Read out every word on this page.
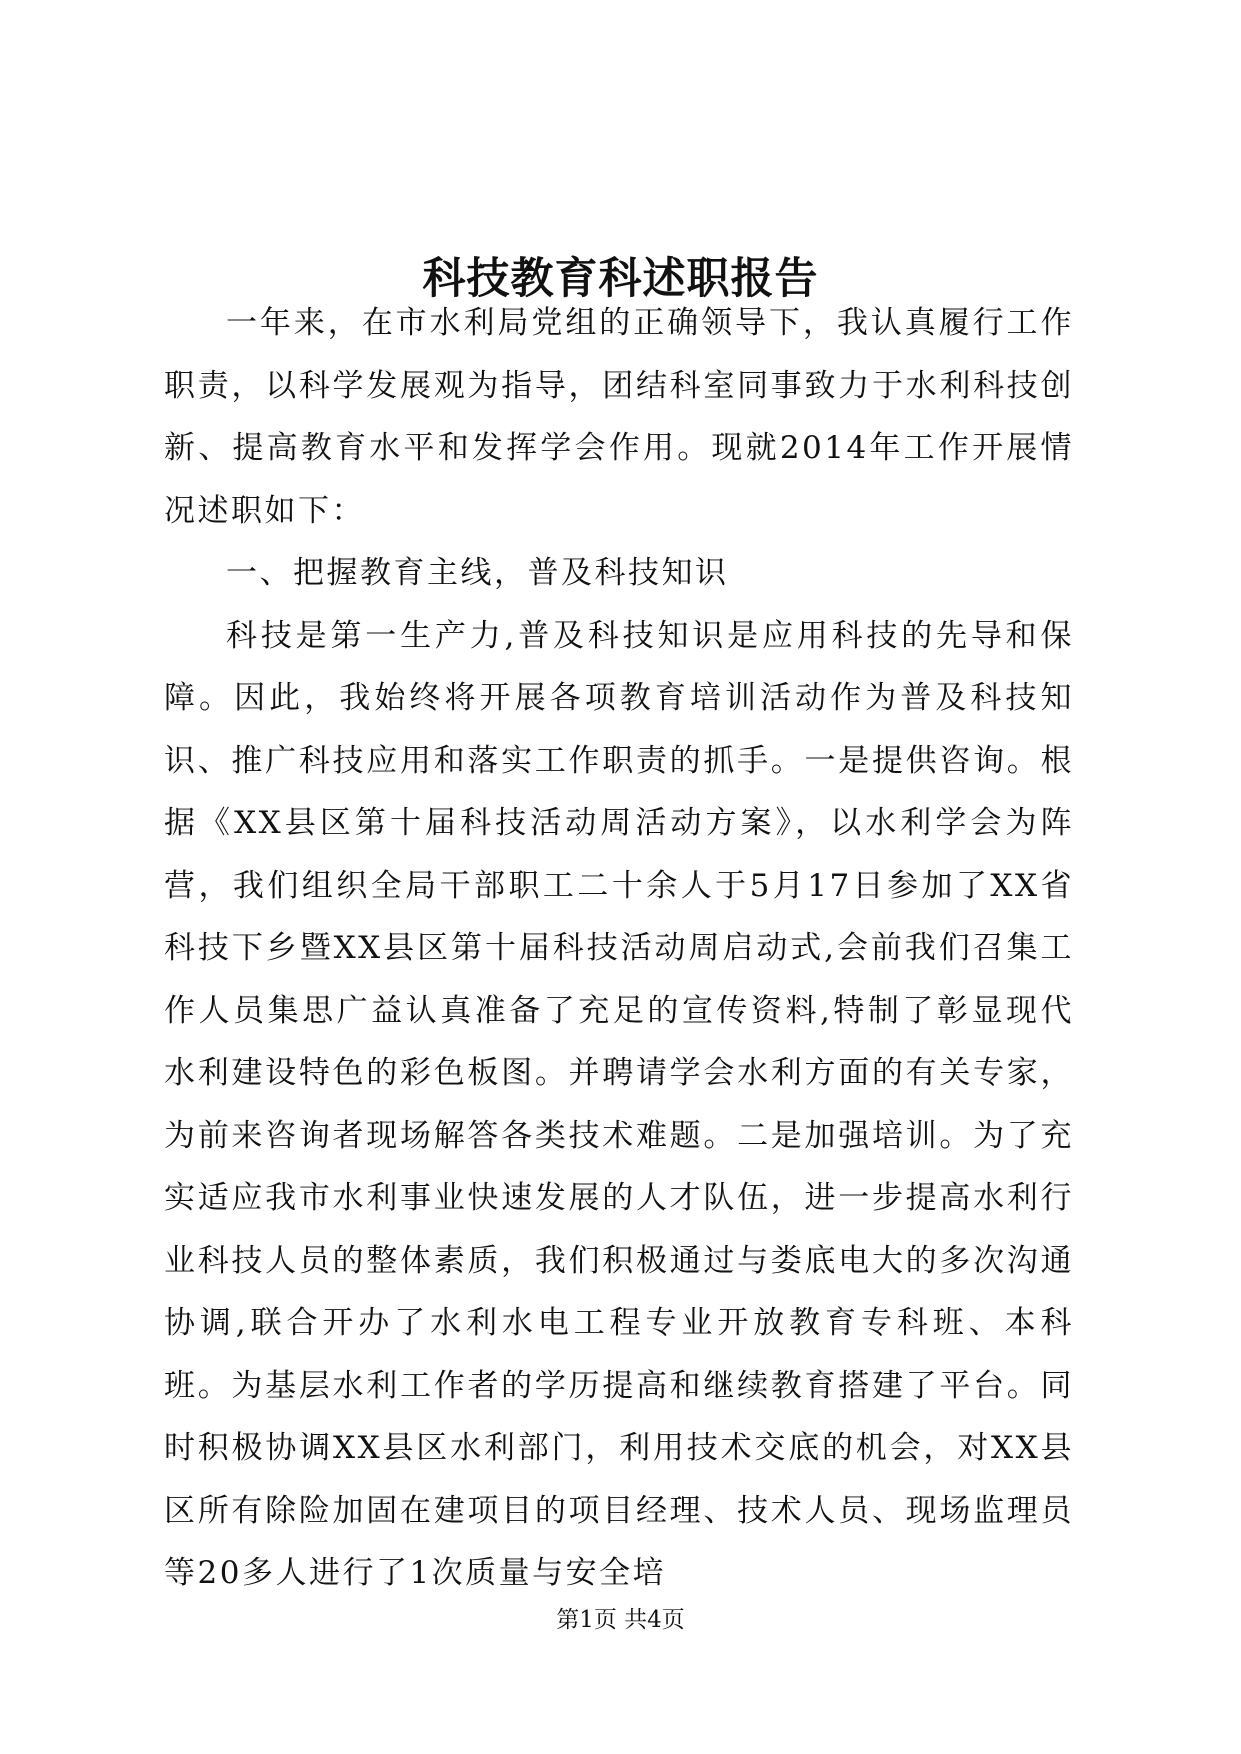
科技教育科述职报告

一年来，在市水利局党组的正确领导下，我认真履行工作职责，以科学发展观为指导，团结科室同事致力于水利科技创新、提高教育水平和发挥学会作用。现就2014年工作开展情况述职如下：

一、把握教育主线，普及科技知识

科技是第一生产力,普及科技知识是应用科技的先导和保障。因此，我始终将开展各项教育培训活动作为普及科技知识、推广科技应用和落实工作职责的抓手。一是提供咨询。根据《XX县区第十届科技活动周活动方案》，以水利学会为阵营，我们组织全局干部职工二十余人于5月17日参加了XX省科技下乡暨XX县区第十届科技活动周启动式,会前我们召集工作人员集思广益认真准备了充足的宣传资料,特制了彰显现代水利建设特色的彩色板图。并聘请学会水利方面的有关专家，为前来咨询者现场解答各类技术难题。二是加强培训。为了充实适应我市水利事业快速发展的人才队伍，进一步提高水利行业科技人员的整体素质，我们积极通过与娄底电大的多次沟通协调,联合开办了水利水电工程专业开放教育专科班、本科班。为基层水利工作者的学历提高和继续教育搭建了平台。同时积极协调XX县区水利部门，利用技术交底的机会，对XX县区所有除险加固在建项目的项目经理、技术人员、现场监理员等20多人进行了1次质量与安全培

第1页 共4页
